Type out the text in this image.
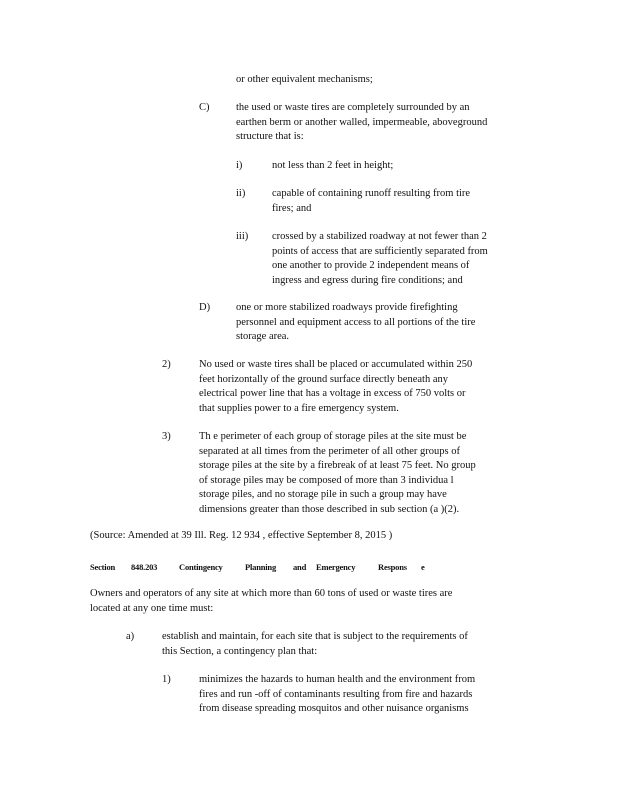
or other equivalent mechanisms;
C)	the used or waste tires are completely surrounded by an
earthen berm or another walled, impermeable, aboveground
structure that is:
i)	not less than 2 feet in height;
ii)	capable of containing runoff resulting from tire
fires; and
iii) crossed by a stabilized roadway at not fewer than 2
points of access that are sufficiently separated from
one another to provide 2 independent means of
ingress and egress during fire conditions; and
D) one or more stabilized roadways provide firefighting
personnel and equipment access to all portions of the tire
storage area.
2)	No used or waste tires shall be placed or accumulated within 250
feet horizontally of the ground surface directly beneath any
electrical power line that has a voltage in excess of 750 volts or
that supplies power to a fire emergency system.
3)	Th e perimeter of each group of storage piles at the site must be
separated at all times from the perimeter of all other groups of
storage piles at the site by a firebreak of at least 75 feet. No group
of storage piles may be composed of more than 3 individua l
storage piles, and no storage pile in such a group may have
dimensions greater than those described in sub section (a )(2).
(Source: Amended at 39 Ill. Reg. 12 934 , effective September 8, 2015 )
Section 848.203	Contingency	Planning and Emergency	Respons e
Owners and operators of any site at which more than 60 tons of used or waste tires are
located at any one time must:
a)	establish and maintain, for each site that is subject to the requirements of
this Section, a contingency plan that:
1)	minimizes the hazards to human health and the environment from
fires and run -off of contaminants resulting from fire and hazards
from disease spreading mosquitos and other nuisance organisms
